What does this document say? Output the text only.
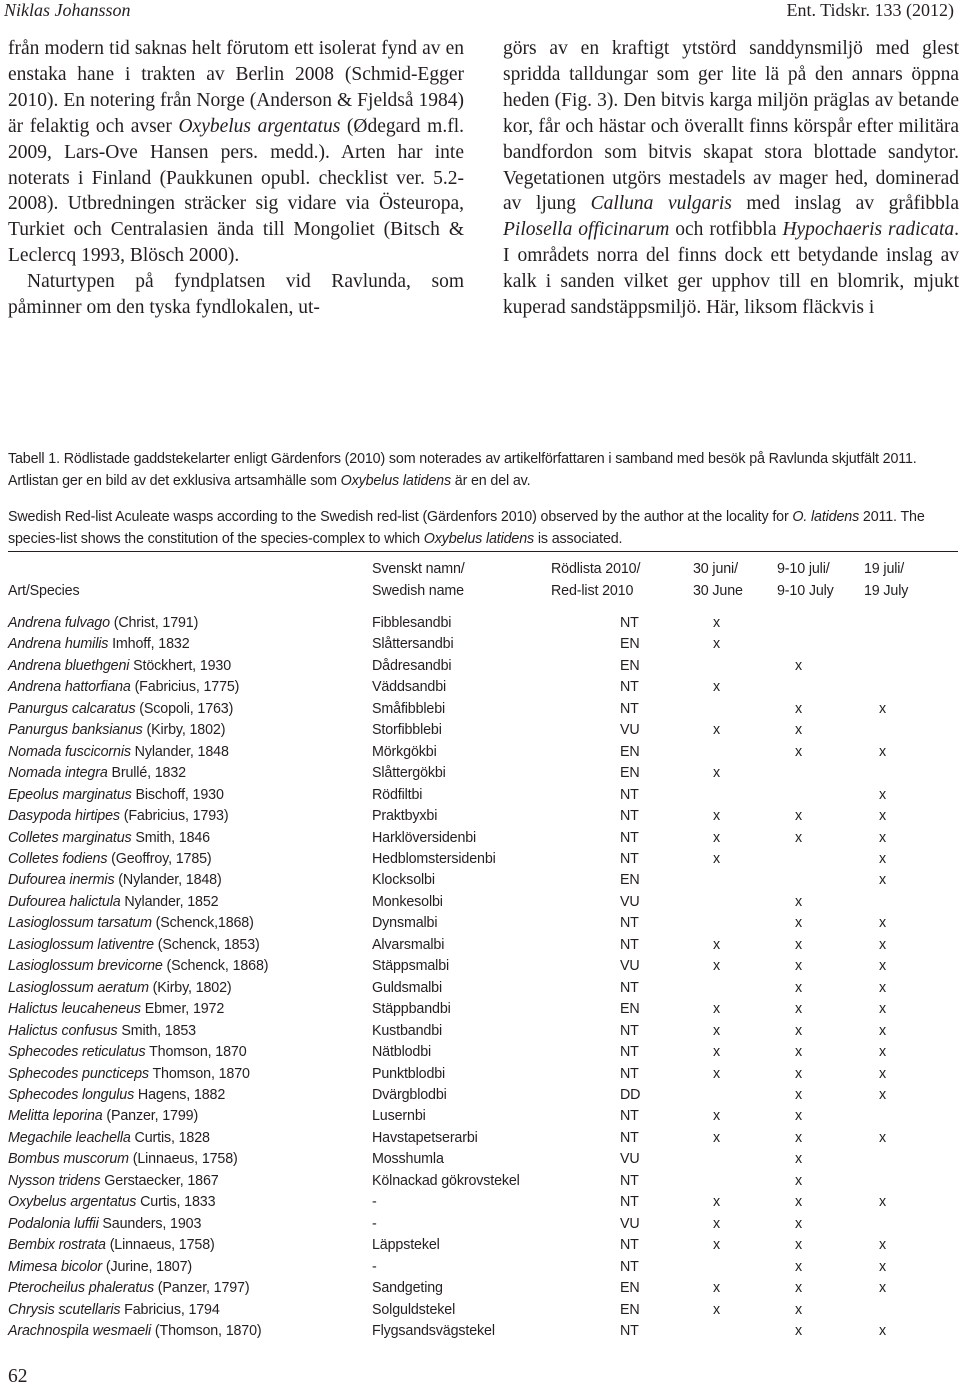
Niklas Johansson	Ent. Tidskr. 133 (2012)

från modern tid saknas helt förutom ett isolerat fynd av en enstaka hane i trakten av Berlin 2008 (Schmid-Egger 2010). En notering från Norge (Anderson & Fjeldså 1984) är felaktig och avser Oxybelus argentatus (Ødegard m.fl. 2009, Lars-Ove Hansen pers. medd.). Arten har inte noterats i Finland (Paukkunen opubl. checklist ver. 5.2-2008). Utbredningen sträcker sig vidare via Östeuropa, Turkiet och Centralasien ända till Mongoliet (Bitsch & Leclercq 1993, Blösch 2000).

Naturtypen på fyndplatsen vid Ravlunda, som påminner om den tyska fyndlokalen, ut-

görs av en kraftigt ytstörd sanddynsmiljö med glest spridda talldungar som ger lite lä på den annars öppna heden (Fig. 3). Den bitvis karga miljön präglas av betande kor, får och hästar och överallt finns körspår efter militära bandfordon som bitvis skapat stora blottade sandytor. Vegetationen utgörs mestadels av mager hed, dominerad av ljung Calluna vulgaris med inslag av gråfibbla Pilosella officinarum och rotfibbla Hypochaeris radicata. I områdets norra del finns dock ett betydande inslag av kalk i sanden vilket ger upphov till en blomrik, mjukt kuperad sandstäppsmiljö. Här, liksom fläckvis i

Tabell 1. Rödlistade gaddstekelarter enligt Gärdenfors (2010) som noterades av artikelförfattaren i samband med besök på Ravlunda skjutfält 2011. Artlistan ger en bild av det exklusiva artsamhälle som Oxybelus latidens är en del av.
Swedish Red-list Aculeate wasps according to the Swedish red-list (Gärdenfors 2010) observed by the author at the locality for O. latidens 2011. The species-list shows the constitution of the species-complex to which Oxybelus latidens is associated.
	Svenskt namn/	Rödlista 2010/	30 juni/	9-10 juli/	19 juli/
Art/Species	Swedish name	Red-list 2010	30 June	9-10 July	19 July
Andrena fulvago (Christ, 1791)	Fibblesandbi	NT	x		
Andrena humilis Imhoff, 1832	Slåttersandbi	EN	x		
Andrena bluethgeni Stöckhert, 1930	Dådresandbi	EN		x	
Andrena hattorfiana (Fabricius, 1775)	Väddsandbi	NT	x		
Panurgus calcaratus (Scopoli, 1763)	Småfibblebi	NT		x	x
Panurgus banksianus (Kirby, 1802)	Storfibblebi	VU	x	x	
Nomada fuscicornis Nylander, 1848	Mörkgökbi	EN		x	x
Nomada integra Brullé, 1832	Slåttergökbi	EN	x		
Epeolus marginatus Bischoff, 1930	Rödfiltbi	NT			x
Dasypoda hirtipes (Fabricius, 1793)	Praktbyxbi	NT	x	x	x
Colletes marginatus Smith, 1846	Harklöversidenbi	NT	x	x	x
Colletes fodiens (Geoffroy, 1785)	Hedblomstersidenbi	NT	x		x
Dufourea inermis (Nylander, 1848)	Klocksolbi	EN			x
Dufourea halictula Nylander, 1852	Monkesolbi	VU		x	
Lasioglossum tarsatum (Schenck,1868)	Dynsmalbi	NT		x	x
Lasioglossum lativentre (Schenck, 1853)	Alvarsmalbi	NT	x	x	x
Lasioglossum brevicorne (Schenck, 1868)	Stäppsmalbi	VU	x	x	x
Lasioglossum aeratum (Kirby, 1802)	Guldsmalbi	NT		x	x
Halictus leucaheneus Ebmer, 1972	Stäppbandbi	EN	x	x	x
Halictus confusus Smith, 1853	Kustbandbi	NT	x	x	x
Sphecodes reticulatus Thomson, 1870	Nätblodbi	NT	x	x	x
Sphecodes puncticeps Thomson, 1870	Punktblodbi	NT	x	x	x
Sphecodes longulus Hagens, 1882	Dvärgblodbi	DD		x	x
Melitta leporina (Panzer, 1799)	Lusernbi	NT	x	x	
Megachile leachella Curtis, 1828	Havstapetserarbi	NT	x	x	x
Bombus muscorum (Linnaeus, 1758)	Mosshumla	VU		x	
Nysson tridens Gerstaecker, 1867	Kölnackad gökrovstekel	NT		x	
Oxybelus argentatus Curtis, 1833	-	NT	x	x	x
Podalonia luffii Saunders, 1903	-	VU	x	x	
Bembix rostrata (Linnaeus, 1758)	Läppstekel	NT	x	x	x
Mimesa bicolor (Jurine, 1807)	-	NT		x	x
Pterocheilus phaleratus (Panzer, 1797)	Sandgeting	EN	x	x	x
Chrysis scutellaris Fabricius, 1794	Solguldstekel	EN	x	x	
Arachnospila wesmaeli (Thomson, 1870)	Flygsandsvägstekel	NT		x	x
62
